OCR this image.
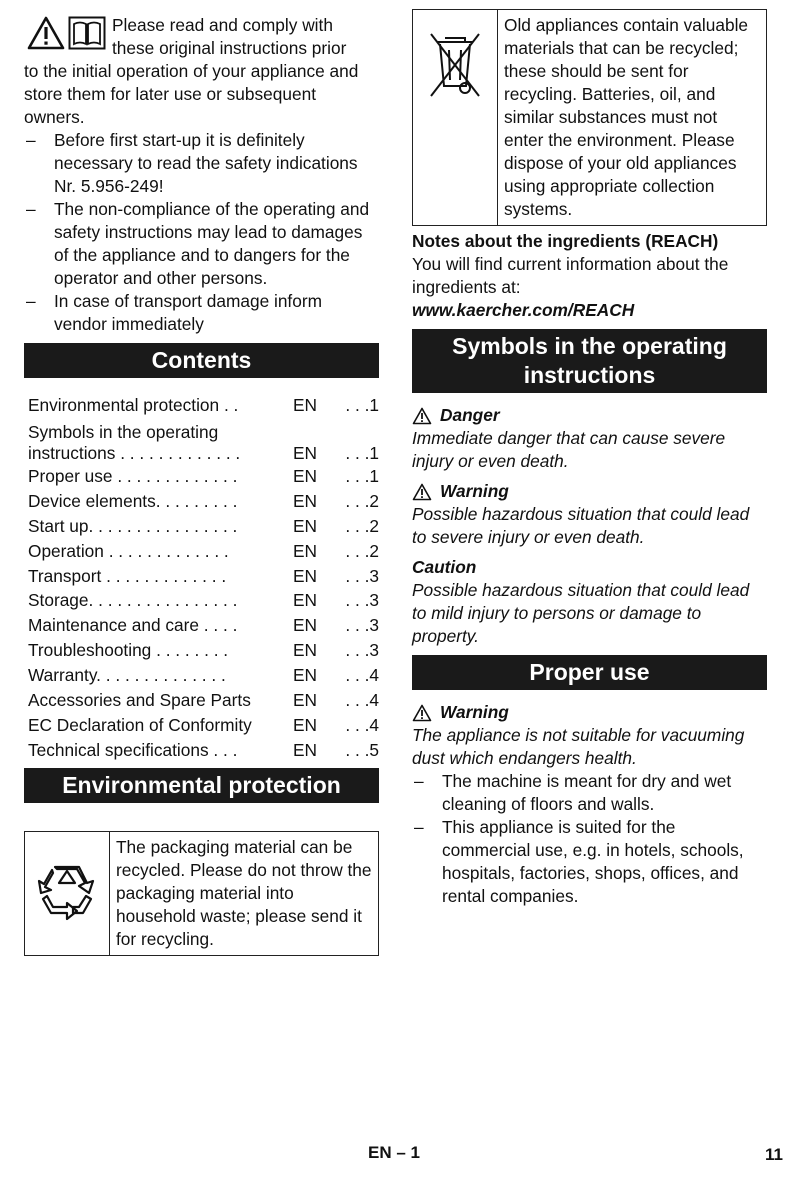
Please read and comply with

these original instructions prior

to the initial operation of your appliance and store them for later use or subsequent owners.

– Before first start-up it is definitely necessary to read the safety indications Nr. 5.956-249!
– The non-compliance of the operating and safety instructions may lead to damages of the appliance and to dangers for the operator and other persons.
– In case of transport damage inform vendor immediately
Contents
Environmental protection . .	EN	. . .1
Symbols in the operating instructions . . . . . . . . . . . . .	EN	. . .1
Proper use . . . . . . . . . . . . .	EN	. . .1
Device elements. . . . . . . . .	EN	. . .2
Start up. . . . . . . . . . . . . . . .	EN	. . .2
Operation . . . . . . . . . . . . .	EN	. . .2
Transport . . . . . . . . . . . . .	EN	. . .3
Storage. . . . . . . . . . . . . . . .	EN	. . .3
Maintenance and care . . . .	EN	. . .3
Troubleshooting . . . . . . . .	EN	. . .3
Warranty. . . . . . . . . . . . . .	EN	. . .4
Accessories and Spare Parts	EN	. . .4
EC Declaration of Conformity	EN	. . .4
Technical specifications . . .	EN	. . .5
Environmental protection
The packaging material can be recycled. Please do not throw the packaging material into household waste; please send it for recycling.
Old appliances contain valuable materials that can be recycled; these should be sent for recycling. Batteries, oil, and similar substances must not enter the environment. Please dispose of your old appliances using appropriate collection systems.

Notes about the ingredients (REACH)

You will find current information about the ingredients at:

www.kaercher.com/REACH

Symbols in the operating instructions
Danger

Immediate danger that can cause severe injury or even death.

Warning

Possible hazardous situation that could lead to severe injury or even death.

Caution

Possible hazardous situation that could lead to mild injury to persons or damage to property.

Proper use
Warning

The appliance is not suitable for vacuuming dust which endangers health.

– The machine is meant for dry and wet cleaning of floors and walls.
– This appliance is suited for the commercial use, e.g. in hotels, schools, hospitals, factories, shops, offices, and rental companies.
EN – 1	11
